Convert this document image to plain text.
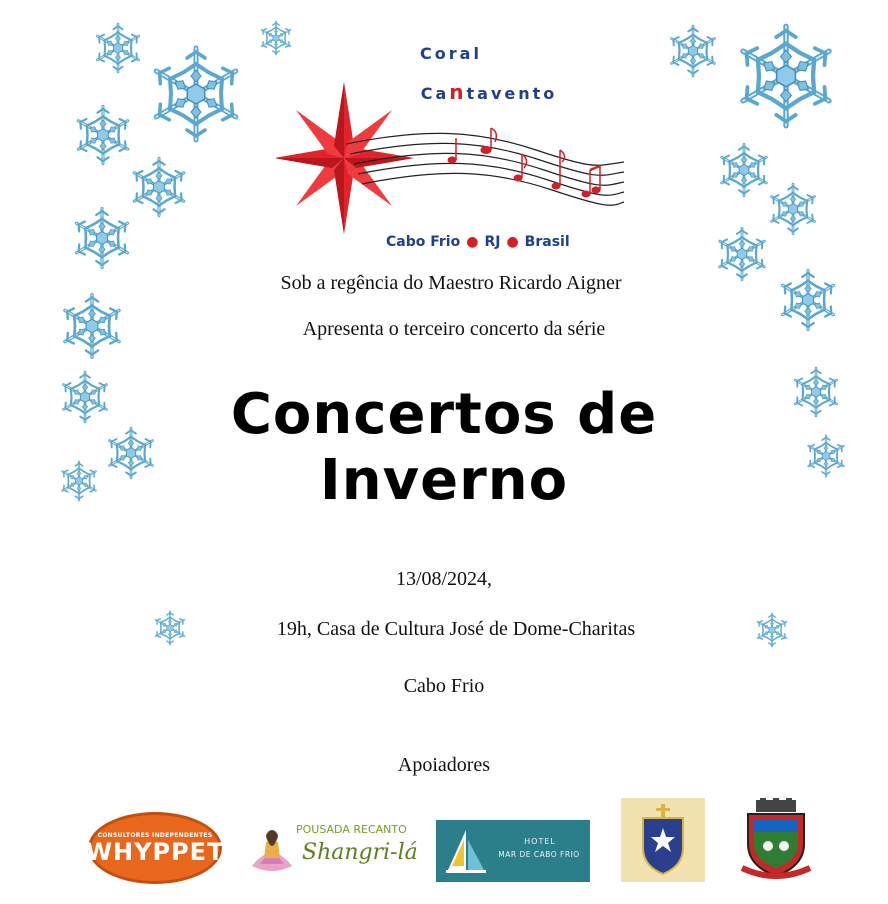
Coral
Cantavento
Cabo Frio ● RJ ● Brasil
Sob a regência do Maestro Ricardo Aigner
Apresenta o terceiro concerto da série
Concertos de
Inverno
13/08/2024,
19h, Casa de Cultura José de Dome-Charitas
Cabo Frio
Apoiadores
CONSULTORES INDEPENDENTES
WHYPPET
POUSADA RECANTO
Shangri-lá	HOTEL
MAR DE CABO FRIO
